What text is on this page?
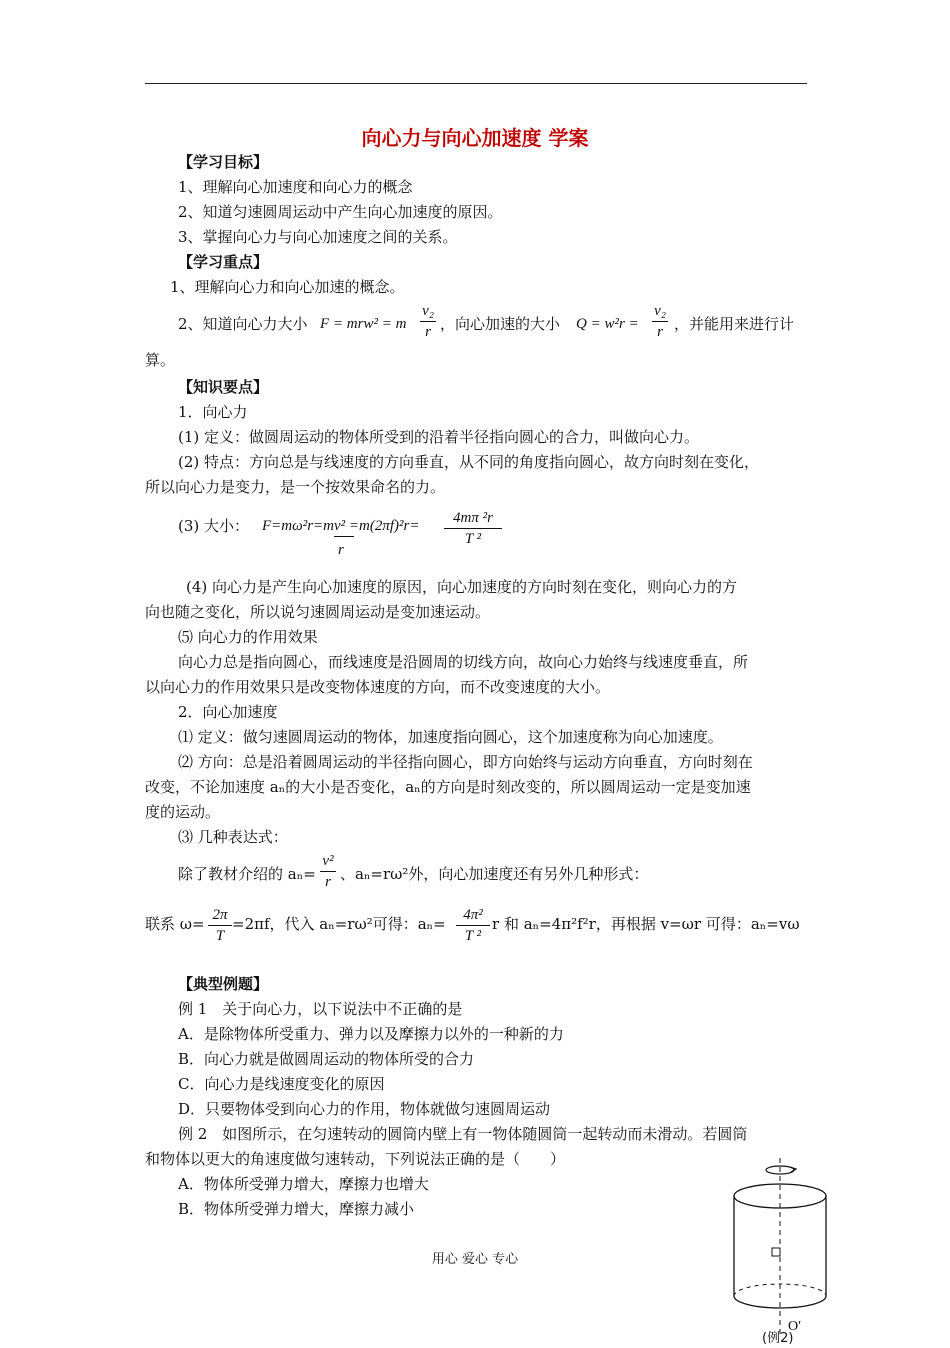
向心力与向心加速度 学案
【学习目标】
1、理解向心加速度和向心力的概念
2、知道匀速圆周运动中产生向心加速度的原因。
3、掌握向心力与向心加速度之间的关系。
【学习重点】
1、理解向心力和向心加速的概念。
2、知道向心力大小 F = mrw² = m
v₂
r ，向心加速的大小 Q = w²r =
v₂
r ，并能用来进行计
算。
【知识要点】
1．向心力
(1) 定义：做圆周运动的物体所受到的沿着半径指向圆心的合力，叫做向心力。
(2) 特点：方向总是与线速度的方向垂直，从不同的角度指向圆心，故方向时刻在变化，
所以向心力是变力，是一个按效果命名的力。
(3) 大小： F=mω²r=mv² =m(2πf)²r=
r
4mπ ²r
T ²
(4) 向心力是产生向心加速度的原因，向心加速度的方向时刻在变化，则向心力的方
向也随之变化，所以说匀速圆周运动是变加速运动。
⑸ 向心力的作用效果
向心力总是指向圆心，而线速度是沿圆周的切线方向，故向心力始终与线速度垂直，所
以向心力的作用效果只是改变物体速度的方向，而不改变速度的大小。
2．向心加速度
⑴ 定义：做匀速圆周运动的物体，加速度指向圆心，这个加速度称为向心加速度。
⑵ 方向：总是沿着圆周运动的半径指向圆心，即方向始终与运动方向垂直，方向时刻在
改变，不论加速度 aₙ的大小是否变化，aₙ的方向是时刻改变的，所以圆周运动一定是变加速
度的运动。
⑶ 几种表达式：
除了教材介绍的 aₙ=
v²
r 、aₙ=rω²外，向心加速度还有另外几种形式：
联系 ω= 2π
T
=2πf，代入 aₙ=rω²可得：aₙ=	4π²
T ²
r 和 aₙ=4π²f²r，再根据 v=ωr 可得：aₙ=vω
【典型例题】
例 1　关于向心力，以下说法中不正确的是
A．是除物体所受重力、弹力以及摩擦力以外的一种新的力
B．向心力就是做圆周运动的物体所受的合力
C．向心力是线速度变化的原因
D．只要物体受到向心力的作用，物体就做匀速圆周运动
例 2　如图所示，在匀速转动的圆筒内壁上有一物体随圆筒一起转动而未滑动。若圆筒
和物体以更大的角速度做匀速转动，下列说法正确的是（　　）
A．物体所受弹力增大，摩擦力也增大
B．物体所受弹力增大，摩擦力减小
用心 爱心 专心
O′
(例2)
